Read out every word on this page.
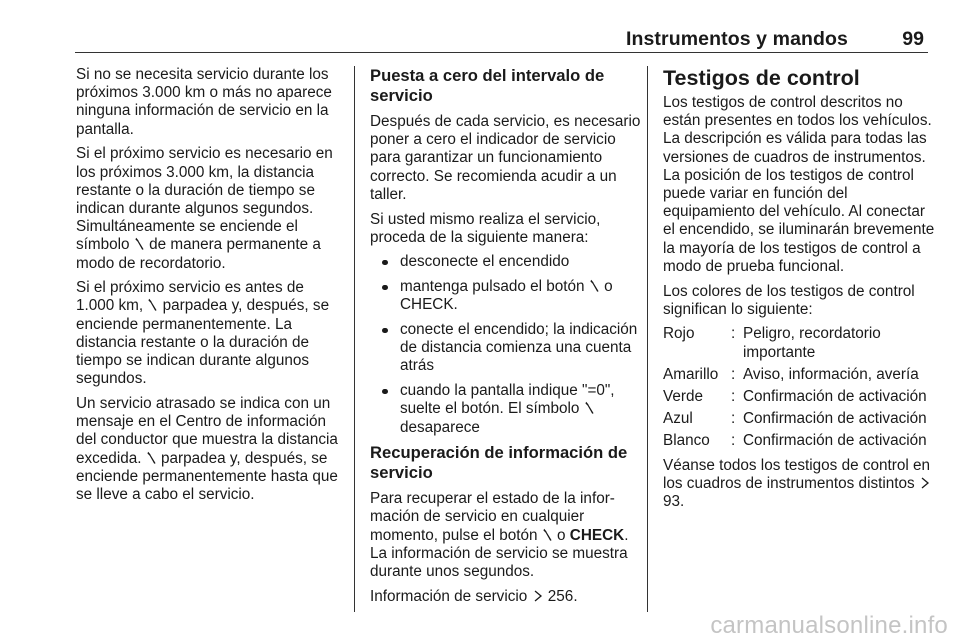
Instrumentos y mandos	99

Si no se necesita servicio durante los próximos 3.000 km o más no aparece ninguna información de servicio en la pantalla.

Si el próximo servicio es necesario en los próximos 3.000 km, la distancia restante o la duración de tiempo se indican durante algunos segundos. Simultáneamente se enciende el símbolo de manera permanente a modo de recordatorio.

Si el próximo servicio es antes de 1.000 km, parpadea y, después, se enciende permanentemente. La distancia restante o la duración de tiempo se indican durante algunos segundos.

Un servicio atrasado se indica con un mensaje en el Centro de información del conductor que muestra la distancia excedida. parpadea y, después, se enciende permanentemente hasta que se lleve a cabo el servicio.

Puesta a cero del intervalo de servicio

Después de cada servicio, es necesario poner a cero el indicador de servicio para garantizar un funcionamiento correcto. Se recomienda acudir a un taller.

Si usted mismo realiza el servicio, proceda de la siguiente manera:

desconecte el encendido
mantenga pulsado el botón o CHECK.
conecte el encendido; la indicación de distancia comienza una cuenta atrás
cuando la pantalla indique "=0", suelte el botón. El símbolo  desaparece
Recuperación de información de servicio

Para recuperar el estado de la información de servicio en cualquier momento, pulse el botón o CHECK. La información de servicio se muestra durante unos segundos.

Información de servicio 256.

Testigos de control

Los testigos de control descritos no están presentes en todos los vehículos. La descripción es válida para todas las versiones de cuadros de instrumentos. La posición de los testigos de control puede variar en función del equipamiento del vehículo. Al conectar el encendido, se iluminarán brevemente la mayoría de los testigos de control a modo de prueba funcional.

Los colores de los testigos de control significan lo siguiente:

Rojo	: Peligro, recordatorio importante
Amarillo : Aviso, información, avería
Verde	: Confirmación de activación
Azul	: Confirmación de activación
Blanco	: Confirmación de activación

Véanse todos los testigos de control en los cuadros de instrumentos distintos  93.

carmanualsonline.info
